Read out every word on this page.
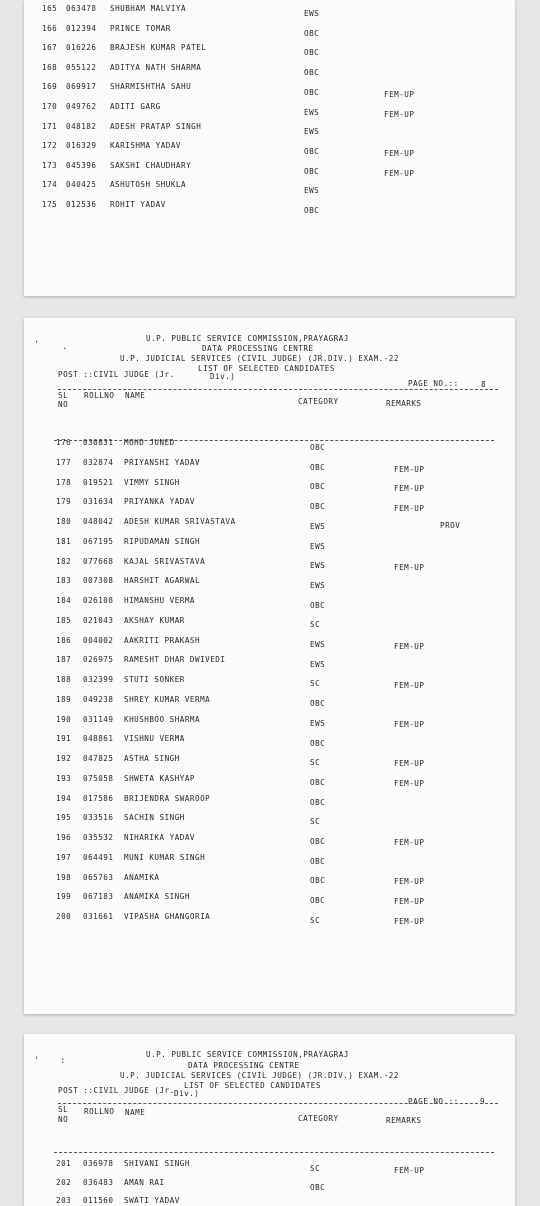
165 063478 SHUBHAM MALVIYA
EWS
166 012394 PRINCE TOMAR
OBC
167 016226 BRAJESH KUMAR PATEL
OBC
168 055122 ADITYA NATH SHARMA
OBC
169 069917 SHARMISHTHA SAHU
OBC	FEM-UP
170 049762 ADITI GARG
EWS	FEM-UP
171 048182 ADESH PRATAP SINGH
EWS
172 016329 KARISHMA YADAV
OBC	FEM-UP
173 045396 SAKSHI CHAUDHARY
OBC	FEM-UP
174 040425 ASHUTOSH SHUKLA
EWS
175 012536 ROHIT YADAV
OBC
'	.
U.P. PUBLIC SERVICE COMMISSION,PRAYAGRAJ
DATA PROCESSING CENTRE
U.P. JUDICIAL SERVICES (CIVIL JUDGE) (JR.DIV.) EXAM.-22
LIST OF SELECTED CANDIDATES
POST ::CIVIL JUDGE (Jr.	Div.)
PAGE NO.::	8
SL
NO
ROLLNO NAME
CATEGORY	REMARKS
176 030831 MOHD JUNED
OBC
177 032874 PRIYANSHI YADAV
OBC	FEM-UP
178 019521 VIMMY SINGH
OBC	FEM-UP
179 031634 PRIYANKA YADAV
OBC	FEM-UP
180 048042 ADESH KUMAR SRIVASTAVA
EWS	PROV
181 067195 RIPUDAMAN SINGH
EWS
182 077668 KAJAL SRIVASTAVA
EWS	FEM-UP
183 007308 HARSHIT AGARWAL
EWS
184 026108 HIMANSHU VERMA
OBC
185 021043 AKSHAY KUMAR
SC
186 004002 AAKRITI PRAKASH	EWS	FEM-UP
187 026975 RAMESHT DHAR DWIVEDI	EWS
188 032399 STUTI SONKER	SC	FEM-UP
189 049238 SHREY KUMAR VERMA	OBC
190 031149 KHUSHBOO SHARMA	EWS	FEM-UP
191 048861 VISHNU VERMA	OBC
192 047825 ASTHA SINGH	SC	FEM-UP
193 075058 SHWETA KASHYAP	OBC	FEM-UP
194 017586 BRIJENDRA SWAROOP	OBC
195 033516 SACHIN SINGH	SC
196 035532 NIHARIKA YADAV	OBC	FEM-UP
197 064491 MUNI KUMAR SINGH	OBC
198 065763 ANAMIKA	OBC	FEM-UP
199 067183 ANAMIKA SINGH	OBC	FEM-UP
200 031661 VIPASHA GHANGORIA	SC	FEM-UP
' :
U.P. PUBLIC SERVICE COMMISSION,PRAYAGRAJ
DATA PROCESSING CENTRE
U.P. JUDICIAL SERVICES (CIVIL JUDGE) (JR.DIV.) EXAM.-22
LIST OF SELECTED CANDIDATES
POST ::CIVIL JUDGE (Jr. Div.)
PAGE NO.::	9
SL
NO
ROLLNO NAME
CATEGORY	REMARKS
201 036978 SHIVANI SINGH
SC	FEM-UP
202 036483 AMAN RAI
OBC
203 011560 SWATI YADAV
